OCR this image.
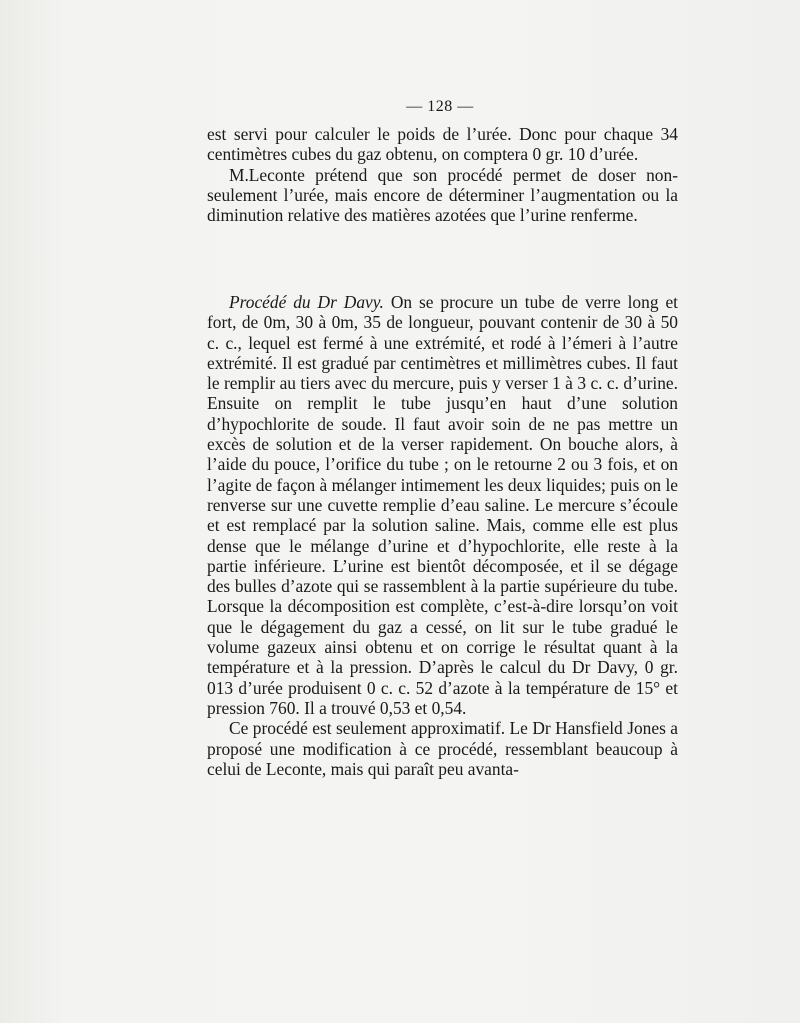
— 128 —

est servi pour calculer le poids de l’urée. Donc pour chaque 34 centimètres cubes du gaz obtenu, on comptera 0 gr. 10 d’urée.

M.Leconte prétend que son procédé permet de doser non-seulement l’urée, mais encore de déterminer l’augmentation ou la diminution relative des matières azotées que l’urine renferme.

Procédé du Dr Davy. On se procure un tube de verre long et fort, de 0m, 30 à 0m, 35 de longueur, pouvant contenir de 30 à 50 c. c., lequel est fermé à une extrémité, et rodé à l’émeri à l’autre extrémité. Il est gradué par centimètres et millimètres cubes. Il faut le remplir au tiers avec du mercure, puis y verser 1 à 3 c. c. d’urine. Ensuite on remplit le tube jusqu’en haut d’une solution d’hypochlorite de soude. Il faut avoir soin de ne pas mettre un excès de solution et de la verser rapidement. On bouche alors, à l’aide du pouce, l’orifice du tube ; on le retourne 2 ou 3 fois, et on l’agite de façon à mélanger intimement les deux liquides; puis on le renverse sur une cuvette remplie d’eau saline. Le mercure s’écoule et est remplacé par la solution saline. Mais, comme elle est plus dense que le mélange d’urine et d’hypochlorite, elle reste à la partie inférieure. L’urine est bientôt décomposée, et il se dégage des bulles d’azote qui se rassemblent à la partie supérieure du tube. Lorsque la décomposition est complète, c’est-à-dire lorsqu’on voit que le dégagement du gaz a cessé, on lit sur le tube gradué le volume gazeux ainsi obtenu et on corrige le résultat quant à la température et à la pression. D’après le calcul du Dr Davy, 0 gr. 013 d’urée produisent 0 c. c. 52 d’azote à la température de 15° et pression 760. Il a trouvé 0,53 et 0,54.

Ce procédé est seulement approximatif. Le Dr Hansfield Jones a proposé une modification à ce procédé, ressemblant beaucoup à celui de Leconte, mais qui paraît peu avanta-
